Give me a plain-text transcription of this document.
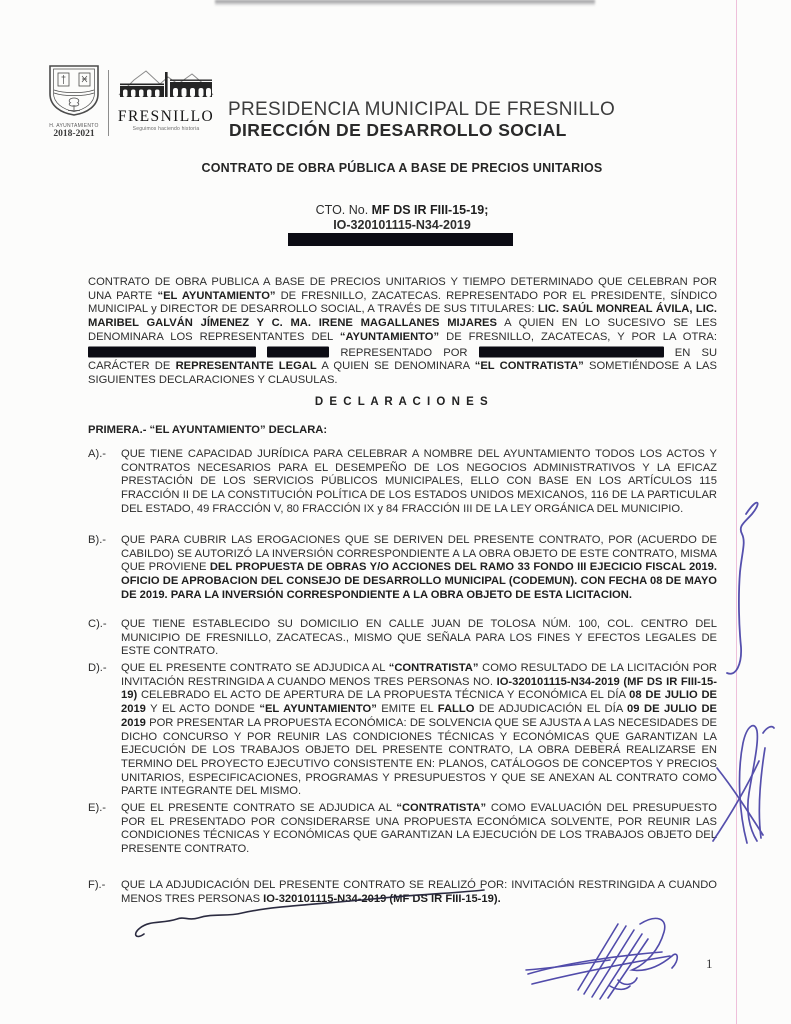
H. AYUNTAMIENTO
2018-2021
FRESNILLO
Seguimos haciendo historia
PRESIDENCIA MUNICIPAL DE FRESNILLO
DIRECCIÓN DE DESARROLLO SOCIAL
CONTRATO DE OBRA PÚBLICA A BASE DE PRECIOS UNITARIOS
CTO. No. MF DS IR FIII-15-19;
IO-320101115-N34-2019
CONTRATO DE OBRA PUBLICA A BASE DE PRECIOS UNITARIOS Y TIEMPO DETERMINADO QUE CELEBRAN POR UNA PARTE “EL AYUNTAMIENTO” DE FRESNILLO, ZACATECAS. REPRESENTADO POR EL PRESIDENTE, SÍNDICO MUNICIPAL y DIRECTOR DE DESARROLLO SOCIAL, A TRAVÉS DE SUS TITULARES: LIC. SAÚL MONREAL ÁVILA, LIC. MARIBEL GALVÁN JÍMENEZ Y C. MA. IRENE MAGALLANES MIJARES A QUIEN EN LO SUCESIVO SE LES DENOMINARA LOS REPRESENTANTES DEL “AYUNTAMIENTO” DE FRESNILLO, ZACATECAS, Y POR LA OTRA:  REPRESENTADO POR	EN SU CARÁCTER DE REPRESENTANTE LEGAL A QUIEN SE DENOMINARA “EL CONTRATISTA” SOMETIÉNDOSE A LAS SIGUIENTES DECLARACIONES Y CLAUSULAS.
D E C L A R A C I O N E S
PRIMERA.- “EL AYUNTAMIENTO” DECLARA:
A).-	QUE TIENE CAPACIDAD JURÍDICA PARA CELEBRAR A NOMBRE DEL AYUNTAMIENTO TODOS LOS ACTOS Y CONTRATOS NECESARIOS PARA EL DESEMPEÑO DE LOS NEGOCIOS ADMINISTRATIVOS Y LA EFICAZ PRESTACIÓN DE LOS SERVICIOS PÚBLICOS MUNICIPALES, ELLO CON BASE EN LOS ARTÍCULOS 115 FRACCIÓN II DE LA CONSTITUCIÓN POLÍTICA DE LOS ESTADOS UNIDOS MEXICANOS, 116 DE LA PARTICULAR DEL ESTADO, 49 FRACCIÓN V, 80 FRACCIÓN IX y 84 FRACCIÓN III DE LA LEY ORGÁNICA DEL MUNICIPIO.
B).-	QUE PARA CUBRIR LAS EROGACIONES QUE SE DERIVEN DEL PRESENTE CONTRATO, POR (ACUERDO DE CABILDO) SE AUTORIZÓ LA INVERSIÓN CORRESPONDIENTE A LA OBRA OBJETO DE ESTE CONTRATO, MISMA QUE PROVIENE DEL PROPUESTA DE OBRAS Y/O ACCIONES DEL RAMO 33 FONDO III EJECICIO FISCAL 2019. OFICIO DE APROBACION DEL CONSEJO DE DESARROLLO MUNICIPAL (CODEMUN). CON FECHA 08 DE MAYO DE 2019. PARA LA INVERSIÓN CORRESPONDIENTE A LA OBRA OBJETO DE ESTA LICITACION.
C).-	QUE TIENE ESTABLECIDO SU DOMICILIO EN CALLE JUAN DE TOLOSA NÚM. 100, COL. CENTRO DEL MUNICIPIO DE FRESNILLO, ZACATECAS., MISMO QUE SEÑALA PARA LOS FINES Y EFECTOS LEGALES DE ESTE CONTRATO.
D).-	QUE EL PRESENTE CONTRATO SE ADJUDICA AL “CONTRATISTA” COMO RESULTADO DE LA LICITACIÓN POR INVITACIÓN RESTRINGIDA A CUANDO MENOS TRES PERSONAS NO. IO-320101115-N34-2019 (MF DS IR FIII-15-19) CELEBRADO EL ACTO DE APERTURA DE LA PROPUESTA TÉCNICA Y ECONÓMICA EL DÍA 08 DE JULIO DE 2019 Y EL ACTO DONDE “EL AYUNTAMIENTO” EMITE EL FALLO DE ADJUDICACIÓN EL DÍA 09 DE JULIO DE 2019 POR PRESENTAR LA PROPUESTA ECONÓMICA: DE SOLVENCIA QUE SE AJUSTA A LAS NECESIDADES DE DICHO CONCURSO Y POR REUNIR LAS CONDICIONES TÉCNICAS Y ECONÓMICAS QUE GARANTIZAN LA EJECUCIÓN DE LOS TRABAJOS OBJETO DEL PRESENTE CONTRATO, LA OBRA DEBERÁ REALIZARSE EN TERMINO DEL PROYECTO EJECUTIVO CONSISTENTE EN: PLANOS, CATÁLOGOS DE CONCEPTOS Y PRECIOS UNITARIOS, ESPECIFICACIONES, PROGRAMAS Y PRESUPUESTOS Y QUE SE ANEXAN AL CONTRATO COMO PARTE INTEGRANTE DEL MISMO.
E).-	QUE EL PRESENTE CONTRATO SE ADJUDICA AL “CONTRATISTA” COMO EVALUACIÓN DEL PRESUPUESTO POR EL PRESENTADO POR CONSIDERARSE UNA PROPUESTA ECONÓMICA SOLVENTE, POR REUNIR LAS CONDICIONES TÉCNICAS Y ECONÓMICAS QUE GARANTIZAN LA EJECUCIÓN DE LOS TRABAJOS OBJETO DEL PRESENTE CONTRATO.
F).-	QUE LA ADJUDICACIÓN DEL PRESENTE CONTRATO SE REALIZÓ POR: INVITACIÓN RESTRINGIDA A CUANDO MENOS TRES PERSONAS IO-320101115-N34-2019 (MF DS IR FIII-15-19).
1
